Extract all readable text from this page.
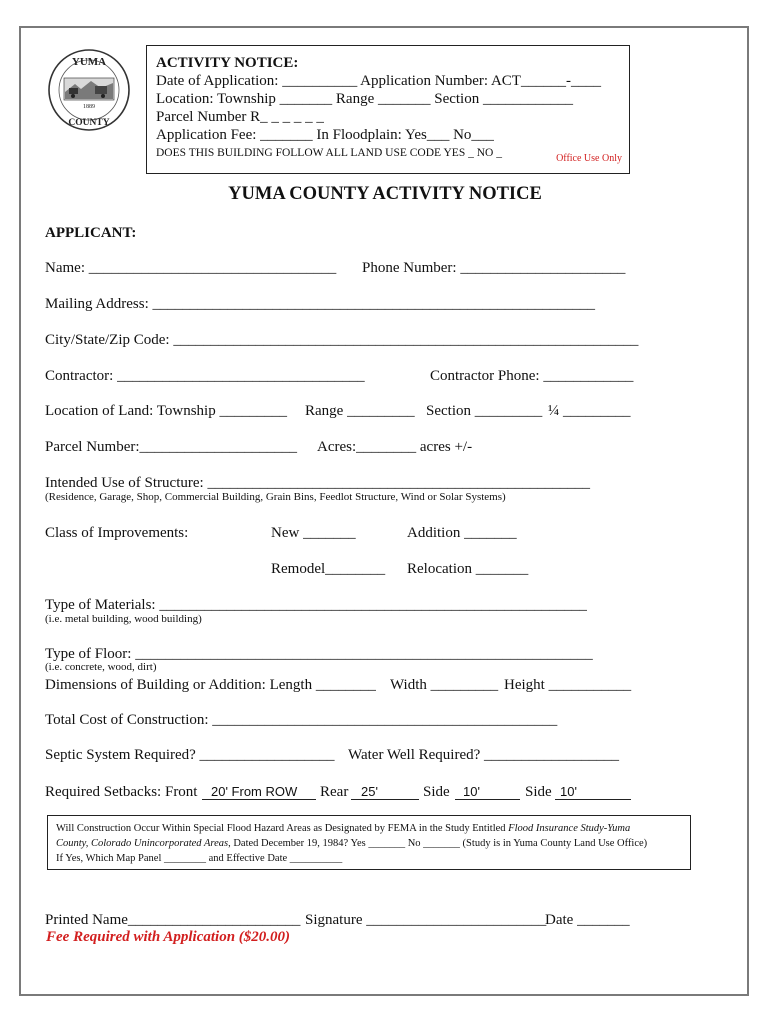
YUMA
COUNTY
1889
ACTIVITY NOTICE:
Date of Application: __________ Application Number: ACT______-____
Location: Township _______ Range _______ Section ____________
Parcel Number R_ _ _ _ _ _
Application Fee: _______ In Floodplain: Yes___ No___
DOES THIS BUILDING FOLLOW ALL LAND USE CODE YES _ NO _	Office Use Only
YUMA COUNTY ACTIVITY NOTICE
APPLICANT:
Name: _________________________________ Phone Number: ______________________
Mailing Address: ___________________________________________________________
City/State/Zip Code: ______________________________________________________________
Contractor: _________________________________	Contractor Phone: ____________
Location of Land: Township _________ Range _________ Section _________ ¼ _________
Parcel Number:_____________________ Acres:________ acres +/-
Intended Use of Structure: ___________________________________________________
(Residence, Garage, Shop, Commercial Building, Grain Bins, Feedlot Structure, Wind or Solar Systems)
Class of Improvements:	New _______	Addition _______
Remodel________ Relocation _______
Type of Materials: _________________________________________________________
(i.e. metal building, wood building)
Type of Floor: _____________________________________________________________
(i.e. concrete, wood, dirt)
Dimensions of Building or Addition: Length ________ Width _________ Height ___________
Total Cost of Construction: ______________________________________________
Septic System Required? __________________ Water Well Required? __________________
Required Setbacks: Front	20' From ROW	Rear 25'	Side	10'	Side 10'
Will Construction Occur Within Special Flood Hazard Areas as Designated by FEMA in the Study Entitled Flood Insurance Study-Yuma
County, Colorado Unincorporated Areas, Dated December 19, 1984? Yes _______ No _______ (Study is in Yuma County Land Use Office)
If Yes, Which Map Panel ________ and Effective Date __________
Printed Name_______________________ Signature ________________________
Date _______
Fee Required with Application ($20.00)
